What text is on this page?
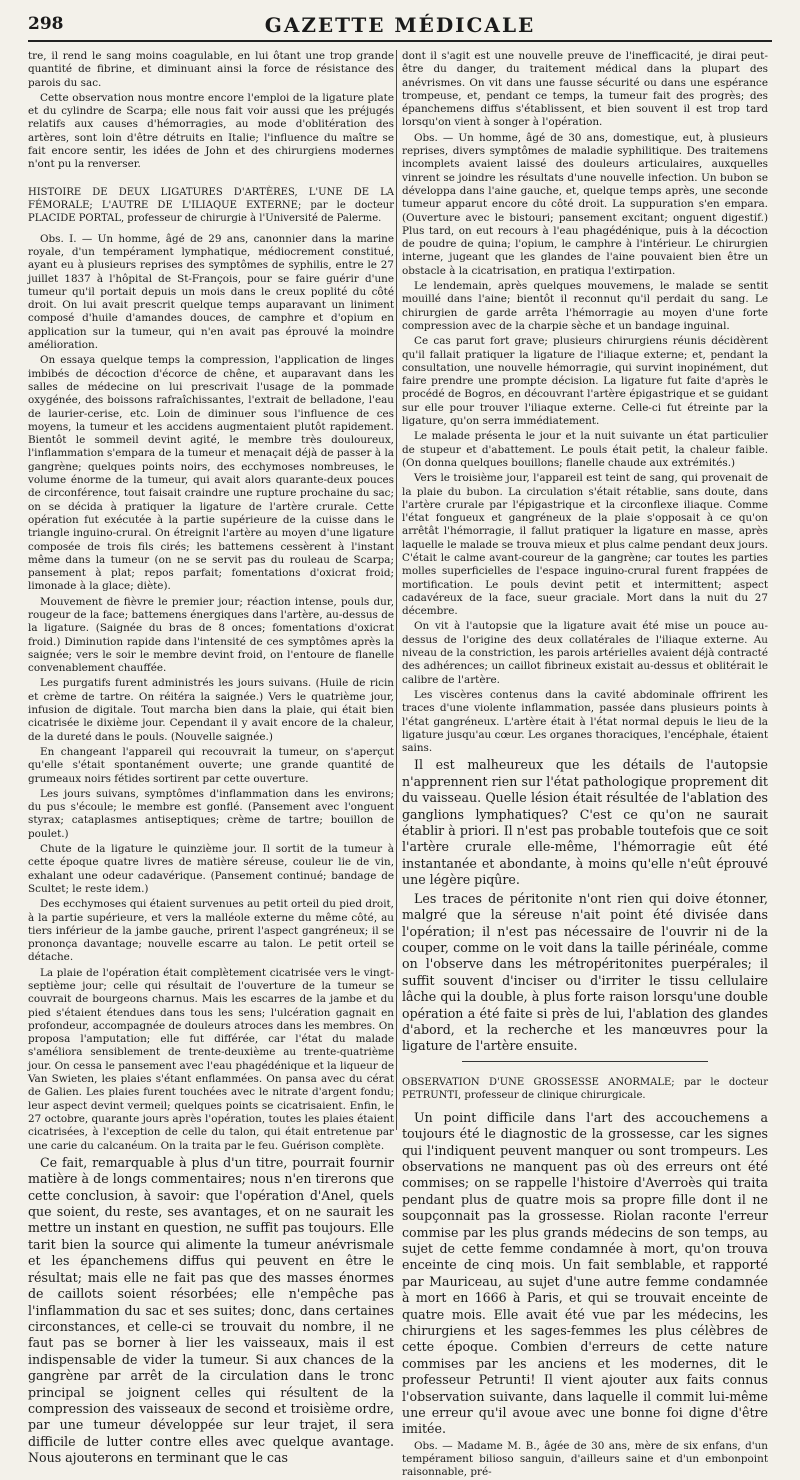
298	GAZETTE MÉDICALE

tre, il rend le sang moins coagulable, en lui ôtant une trop grande quantité de fibrine, et diminuant ainsi la force de résistance des parois du sac.

Cette observation nous montre encore l'emploi de la ligature plate et du cylindre de Scarpa; elle nous fait voir aussi que les préjugés relatifs aux causes d'hémorragies, au mode d'oblitération des artères, sont loin d'être détruits en Italie; l'influence du maître se fait encore sentir, les idées de John et des chirurgiens modernes n'ont pu la renverser.

HISTOIRE DE DEUX LIGATURES D'ARTÈRES, L'UNE DE LA FÉMORALE; L'AUTRE DE L'ILIAQUE EXTERNE; par le docteur PLACIDE PORTAL, professeur de chirurgie à l'Université de Palerme.

Obs. I. — Un homme, âgé de 29 ans, canonnier dans la marine royale, d'un tempérament lymphatique, médiocrement constitué, ayant eu à plusieurs reprises des symptômes de syphilis, entre le 27 juillet 1837 à l'hôpital de St-François, pour se faire guérir d'une tumeur qu'il portait depuis un mois dans le creux poplité du côté droit. On lui avait prescrit quelque temps auparavant un liniment composé d'huile d'amandes douces, de camphre et d'opium en application sur la tumeur, qui n'en avait pas éprouvé la moindre amélioration.

On essaya quelque temps la compression, l'application de linges imbibés de décoction d'écorce de chêne, et auparavant dans les salles de médecine on lui prescrivait l'usage de la pommade oxygénée, des boissons rafraîchissantes, l'extrait de belladone, l'eau de laurier-cerise, etc. Loin de diminuer sous l'influence de ces moyens, la tumeur et les accidens augmentaient plutôt rapidement. Bientôt le sommeil devint agité, le membre très douloureux, l'inflammation s'empara de la tumeur et menaçait déjà de passer à la gangrène; quelques points noirs, des ecchymoses nombreuses, le volume énorme de la tumeur, qui avait alors quarante-deux pouces de circonférence, tout faisait craindre une rupture prochaine du sac; on se décida à pratiquer la ligature de l'artère crurale. Cette opération fut exécutée à la partie supérieure de la cuisse dans le triangle inguino-crural. On étreignit l'artère au moyen d'une ligature composée de trois fils cirés; les battemens cessèrent à l'instant même dans la tumeur (on ne se servit pas du rouleau de Scarpa; pansement à plat; repos parfait; fomentations d'oxicrat froid; limonade à la glace; diète).

Mouvement de fièvre le premier jour; réaction intense, pouls dur, rougeur de la face; battemens énergiques dans l'artère, au-dessus de la ligature. (Saignée du bras de 8 onces; fomentations d'oxicrat froid.) Diminution rapide dans l'intensité de ces symptômes après la saignée; vers le soir le membre devint froid, on l'entoure de flanelle convenablement chauffée.

Les purgatifs furent administrés les jours suivans. (Huile de ricin et crème de tartre. On réitéra la saignée.) Vers le quatrième jour, infusion de digitale. Tout marcha bien dans la plaie, qui était bien cicatrisée le dixième jour. Cependant il y avait encore de la chaleur, de la dureté dans le pouls. (Nouvelle saignée.)

En changeant l'appareil qui recouvrait la tumeur, on s'aperçut qu'elle s'était spontanément ouverte; une grande quantité de grumeaux noirs fétides sortirent par cette ouverture.

Les jours suivans, symptômes d'inflammation dans les environs; du pus s'écoule; le membre est gonflé. (Pansement avec l'onguent styrax; cataplasmes antiseptiques; crème de tartre; bouillon de poulet.)

Chute de la ligature le quinzième jour. Il sortit de la tumeur à cette époque quatre livres de matière séreuse, couleur lie de vin, exhalant une odeur cadavérique. (Pansement continué; bandage de Scultet; le reste idem.)

Des ecchymoses qui étaient survenues au petit orteil du pied droit, à la partie supérieure, et vers la malléole externe du même côté, au tiers inférieur de la jambe gauche, prirent l'aspect gangréneux; il se prononça davantage; nouvelle escarre au talon. Le petit orteil se détache.

La plaie de l'opération était complètement cicatrisée vers le vingt-septième jour; celle qui résultait de l'ouverture de la tumeur se couvrait de bourgeons charnus. Mais les escarres de la jambe et du pied s'étaient étendues dans tous les sens; l'ulcération gagnait en profondeur, accompagnée de douleurs atroces dans les membres. On proposa l'amputation; elle fut différée, car l'état du malade s'améliora sensiblement de trente-deuxième au trente-quatrième jour. On cessa le pansement avec l'eau phagédénique et la liqueur de Van Swieten, les plaies s'étant enflammées. On pansa avec du cérat de Galien. Les plaies furent touchées avec le nitrate d'argent fondu; leur aspect devint vermeil; quelques points se cicatrisaient. Enfin, le 27 octobre, quarante jours après l'opération, toutes les plaies étaient cicatrisées, à l'exception de celle du talon, qui était entretenue par une carie du calcanéum. On la traita par le feu. Guérison complète.

Ce fait, remarquable à plus d'un titre, pourrait fournir matière à de longs commentaires; nous n'en tirerons que cette conclusion, à savoir: que l'opération d'Anel, quels que soient, du reste, ses avantages, et on ne saurait les mettre un instant en question, ne suffit pas toujours. Elle tarit bien la source qui alimente la tumeur anévrismale et les épanchemens diffus qui peuvent en être le résultat; mais elle ne fait pas que des masses énormes de caillots soient résorbées; elle n'empêche pas l'inflammation du sac et ses suites; donc, dans certaines circonstances, et celle-ci se trouvait du nombre, il ne faut pas se borner à lier les vaisseaux, mais il est indispensable de vider la tumeur. Si aux chances de la gangrène par arrêt de la circulation dans le tronc principal se joignent celles qui résultent de la compression des vaisseaux de second et troisième ordre, par une tumeur développée sur leur trajet, il sera difficile de lutter contre elles avec quelque avantage. Nous ajouterons en terminant que le cas

dont il s'agit est une nouvelle preuve de l'inefficacité, je dirai peut-être du danger, du traitement médical dans la plupart des anévrismes. On vit dans une fausse sécurité ou dans une espérance trompeuse, et, pendant ce temps, la tumeur fait des progrès; des épanchemens diffus s'établissent, et bien souvent il est trop tard lorsqu'on vient à songer à l'opération.

Obs. — Un homme, âgé de 30 ans, domestique, eut, à plusieurs reprises, divers symptômes de maladie syphilitique. Des traitemens incomplets avaient laissé des douleurs articulaires, auxquelles vinrent se joindre les résultats d'une nouvelle infection. Un bubon se développa dans l'aine gauche, et, quelque temps après, une seconde tumeur apparut encore du côté droit. La suppuration s'en empara. (Ouverture avec le bistouri; pansement excitant; onguent digestif.) Plus tard, on eut recours à l'eau phagédénique, puis à la décoction de poudre de quina; l'opium, le camphre à l'intérieur. Le chirurgien interne, jugeant que les glandes de l'aine pouvaient bien être un obstacle à la cicatrisation, en pratiqua l'extirpation.

Le lendemain, après quelques mouvemens, le malade se sentit mouillé dans l'aine; bientôt il reconnut qu'il perdait du sang. Le chirurgien de garde arrêta l'hémorragie au moyen d'une forte compression avec de la charpie sèche et un bandage inguinal.

Ce cas parut fort grave; plusieurs chirurgiens réunis décidèrent qu'il fallait pratiquer la ligature de l'iliaque externe; et, pendant la consultation, une nouvelle hémorragie, qui survint inopinément, dut faire prendre une prompte décision. La ligature fut faite d'après le procédé de Bogros, en découvrant l'artère épigastrique et se guidant sur elle pour trouver l'iliaque externe. Celle-ci fut étreinte par la ligature, qu'on serra immédiatement.

Le malade présenta le jour et la nuit suivante un état particulier de stupeur et d'abattement. Le pouls était petit, la chaleur faible. (On donna quelques bouillons; flanelle chaude aux extrémités.)

Vers le troisième jour, l'appareil est teint de sang, qui provenait de la plaie du bubon. La circulation s'était rétablie, sans doute, dans l'artère crurale par l'épigastrique et la circonflexe iliaque. Comme l'état fongueux et gangréneux de la plaie s'opposait à ce qu'on arrêtât l'hémorragie, il fallut pratiquer la ligature en masse, après laquelle le malade se trouva mieux et plus calme pendant deux jours. C'était le calme avant-coureur de la gangrène; car toutes les parties molles superficielles de l'espace inguino-crural furent frappées de mortification. Le pouls devint petit et intermittent; aspect cadavéreux de la face, sueur graciale. Mort dans la nuit du 27 décembre.

On vit à l'autopsie que la ligature avait été mise un pouce au-dessus de l'origine des deux collatérales de l'iliaque externe. Au niveau de la constriction, les parois artérielles avaient déjà contracté des adhérences; un caillot fibrineux existait au-dessus et oblitérait le calibre de l'artère.

Les viscères contenus dans la cavité abdominale offrirent les traces d'une violente inflammation, passée dans plusieurs points à l'état gangréneux. L'artère était à l'état normal depuis le lieu de la ligature jusqu'au cœur. Les organes thoraciques, l'encéphale, étaient sains.

Il est malheureux que les détails de l'autopsie n'apprennent rien sur l'état pathologique proprement dit du vaisseau. Quelle lésion était résultée de l'ablation des ganglions lymphatiques? C'est ce qu'on ne saurait établir à priori. Il n'est pas probable toutefois que ce soit l'artère crurale elle-même, l'hémorragie eût été instantanée et abondante, à moins qu'elle n'eût éprouvé une légère piqûre.

Les traces de péritonite n'ont rien qui doive étonner, malgré que la séreuse n'ait point été divisée dans l'opération; il n'est pas nécessaire de l'ouvrir ni de la couper, comme on le voit dans la taille périnéale, comme on l'observe dans les métropéritonites puerpérales; il suffit souvent d'inciser ou d'irriter le tissu cellulaire lâche qui la double, à plus forte raison lorsqu'une double opération a été faite si près de lui, l'ablation des glandes d'abord, et la recherche et les manœuvres pour la ligature de l'artère ensuite.

OBSERVATION D'UNE GROSSESSE ANORMALE; par le docteur PETRUNTI, professeur de clinique chirurgicale.

Un point difficile dans l'art des accouchemens a toujours été le diagnostic de la grossesse, car les signes qui l'indiquent peuvent manquer ou sont trompeurs. Les observations ne manquent pas où des erreurs ont été commises; on se rappelle l'histoire d'Averroès qui traita pendant plus de quatre mois sa propre fille dont il ne soupçonnait pas la grossesse. Riolan raconte l'erreur commise par les plus grands médecins de son temps, au sujet de cette femme condamnée à mort, qu'on trouva enceinte de cinq mois. Un fait semblable, et rapporté par Mauriceau, au sujet d'une autre femme condamnée à mort en 1666 à Paris, et qui se trouvait enceinte de quatre mois. Elle avait été vue par les médecins, les chirurgiens et les sages-femmes les plus célèbres de cette époque. Combien d'erreurs de cette nature commises par les anciens et les modernes, dit le professeur Petrunti! Il vient ajouter aux faits connus l'observation suivante, dans laquelle il commit lui-même une erreur qu'il avoue avec une bonne foi digne d'être imitée.

Obs. — Madame M. B., âgée de 30 ans, mère de six enfans, d'un tempérament bilioso sanguin, d'ailleurs saine et d'un embonpoint raisonnable, pré-
